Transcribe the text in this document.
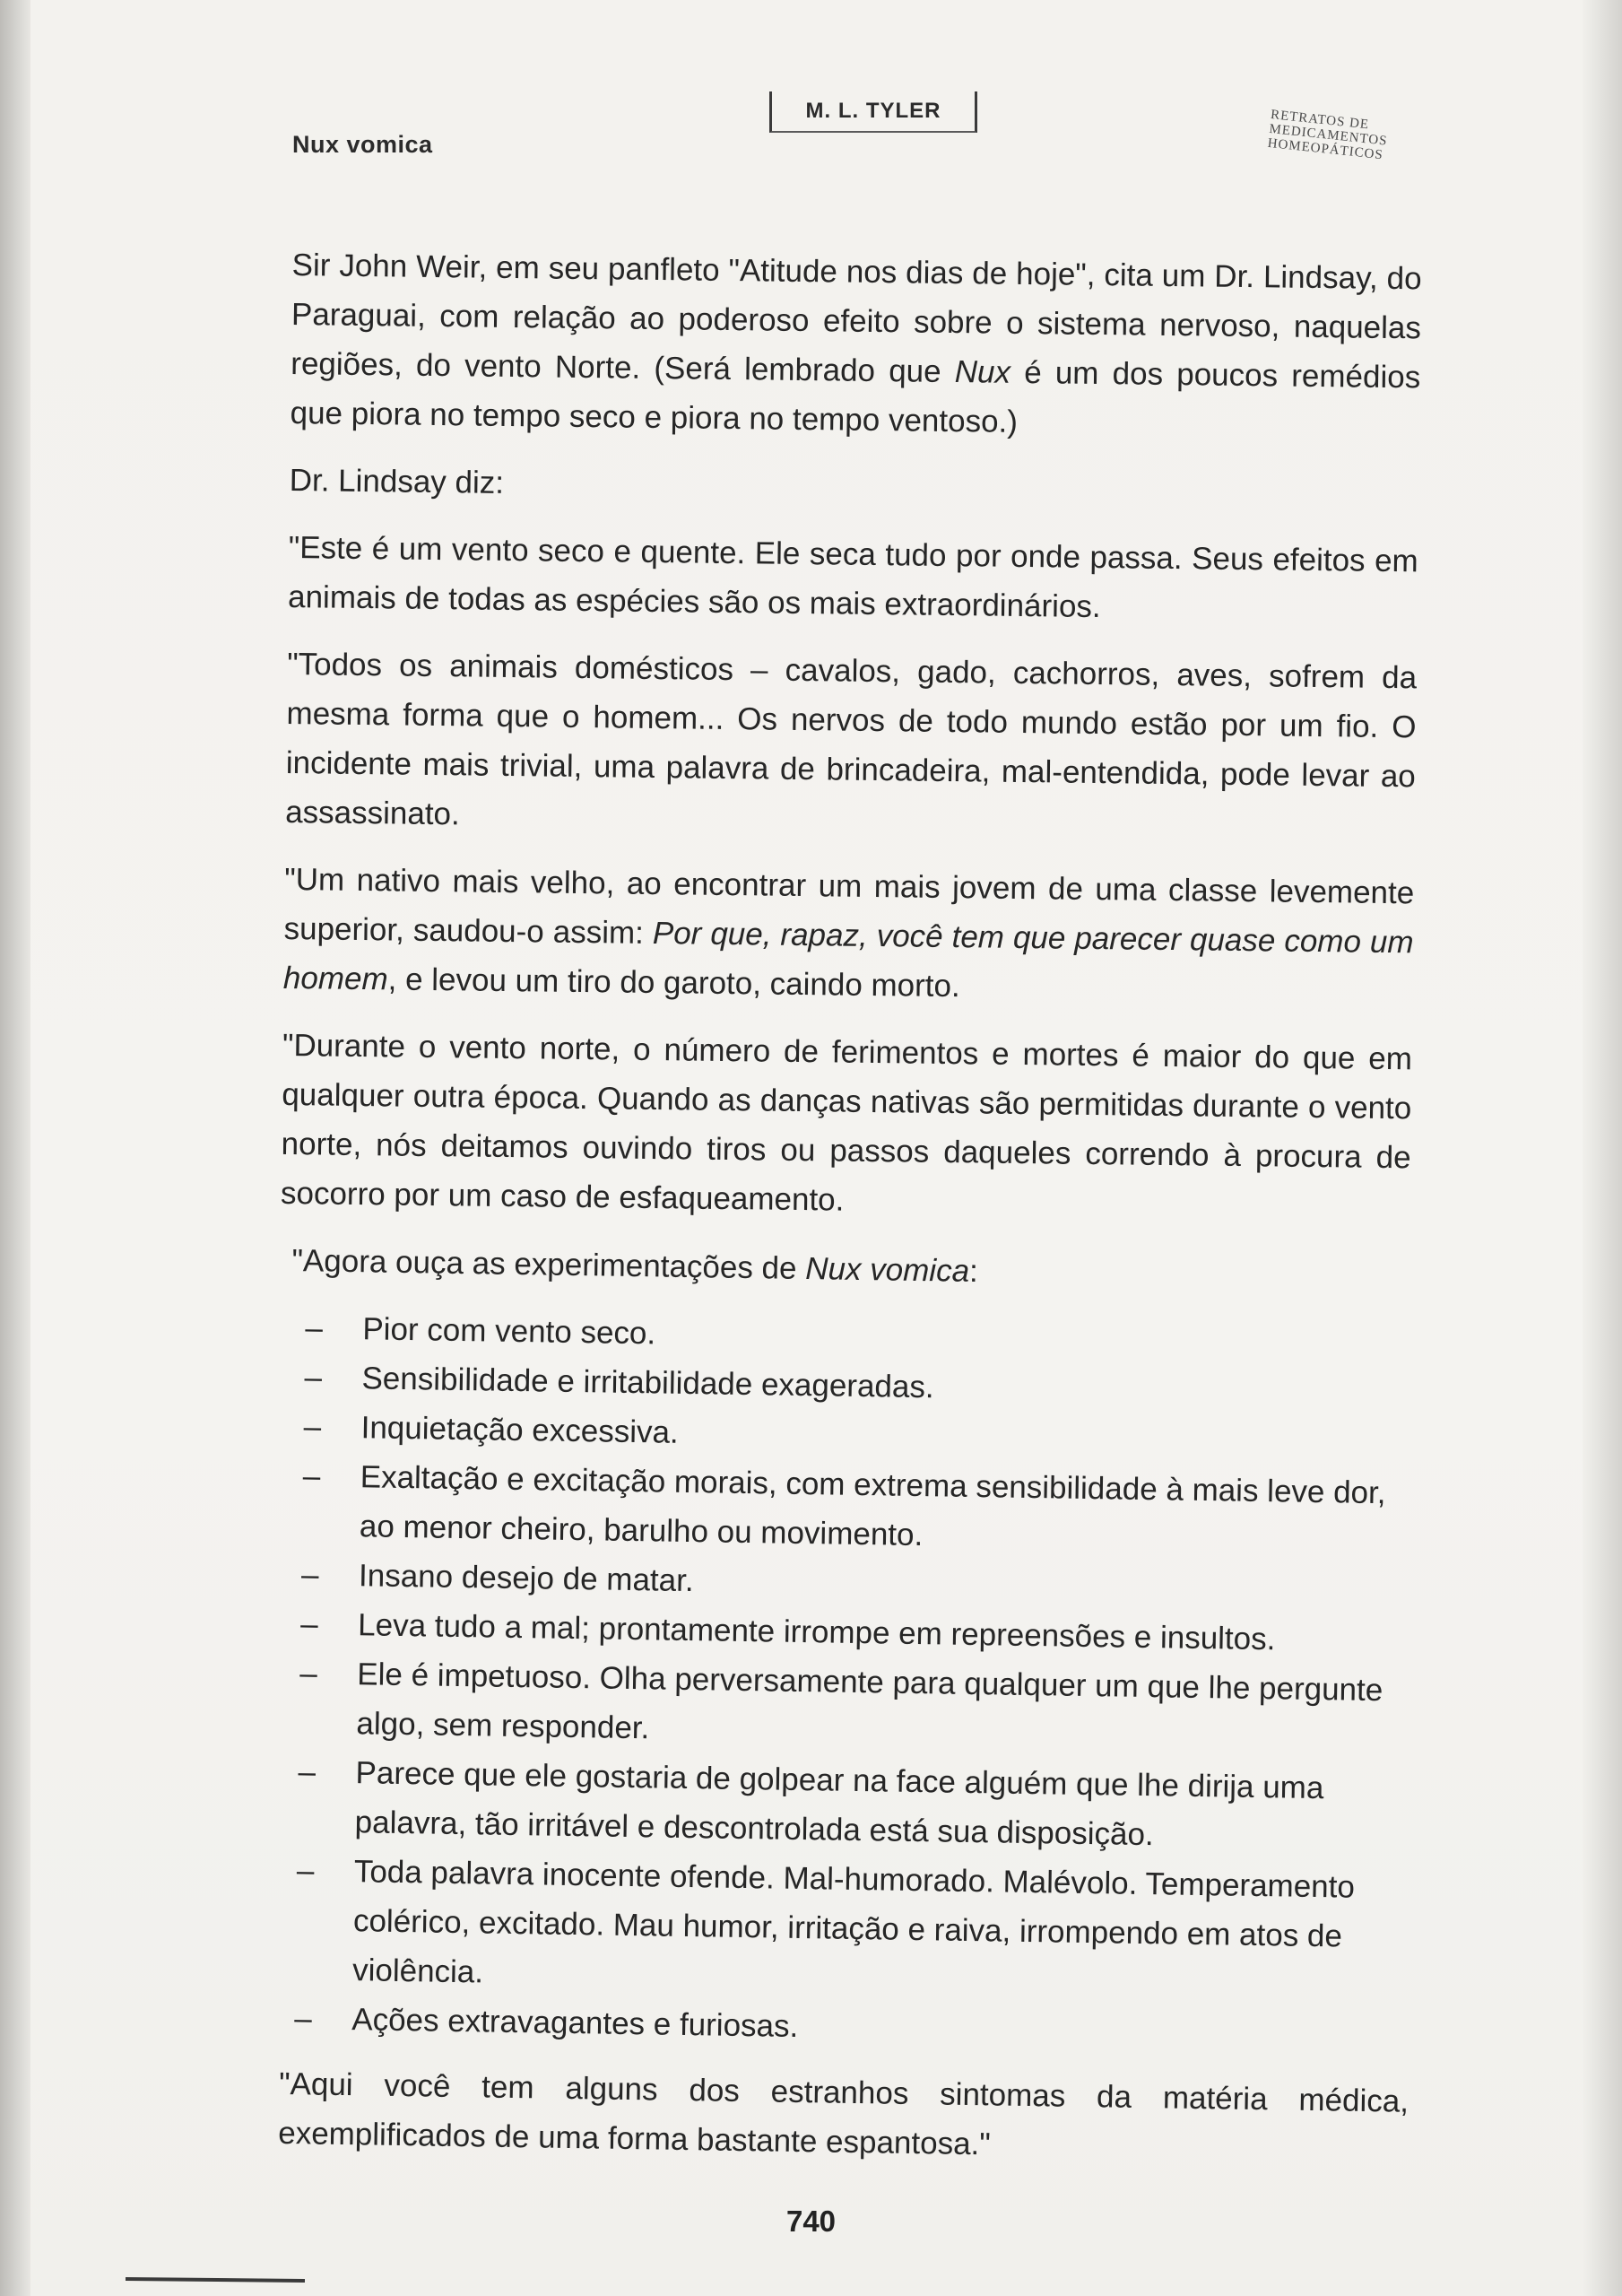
Nux vomica
M. L. TYLER	RETRATOS DE MEDICAMENTOS HOMEOPÁTICOS

Sir John Weir, em seu panfleto "Atitude nos dias de hoje", cita um Dr. Lindsay, do Paraguai, com relação ao poderoso efeito sobre o sistema nervoso, naquelas regiões, do vento Norte. (Será lembrado que Nux é um dos poucos remédios que piora no tempo seco e piora no tempo ventoso.)

Dr. Lindsay diz:

"Este é um vento seco e quente. Ele seca tudo por onde passa. Seus efeitos em animais de todas as espécies são os mais extraordinários.

"Todos os animais domésticos – cavalos, gado, cachorros, aves, sofrem da mesma forma que o homem... Os nervos de todo mundo estão por um fio. O incidente mais trivial, uma palavra de brincadeira, mal-entendida, pode levar ao assassinato.

"Um nativo mais velho, ao encontrar um mais jovem de uma classe levemente superior, saudou-o assim: Por que, rapaz, você tem que parecer quase como um homem, e levou um tiro do garoto, caindo morto.

"Durante o vento norte, o número de ferimentos e mortes é maior do que em qualquer outra época. Quando as danças nativas são permitidas durante o vento norte, nós deitamos ouvindo tiros ou passos daqueles correndo à procura de socorro por um caso de esfaqueamento.

"Agora ouça as experimentações de Nux vomica:

– Pior com vento seco.
– Sensibilidade e irritabilidade exageradas.
– Inquietação excessiva.
– Exaltação e excitação morais, com extrema sensibilidade à mais leve dor, ao menor cheiro, barulho ou movimento.
– Insano desejo de matar.
– Leva tudo a mal; prontamente irrompe em repreensões e insultos.
– Ele é impetuoso. Olha perversamente para qualquer um que lhe pergunte algo, sem responder.
– Parece que ele gostaria de golpear na face alguém que lhe dirija uma palavra, tão irritável e descontrolada está sua disposição.
– Toda palavra inocente ofende. Mal-humorado. Malévolo. Temperamento colérico, excitado. Mau humor, irritação e raiva, irrompendo em atos de violência.
– Ações extravagantes e furiosas.

"Aqui você tem alguns dos estranhos sintomas da matéria médica, exemplificados de uma forma bastante espantosa."

740
